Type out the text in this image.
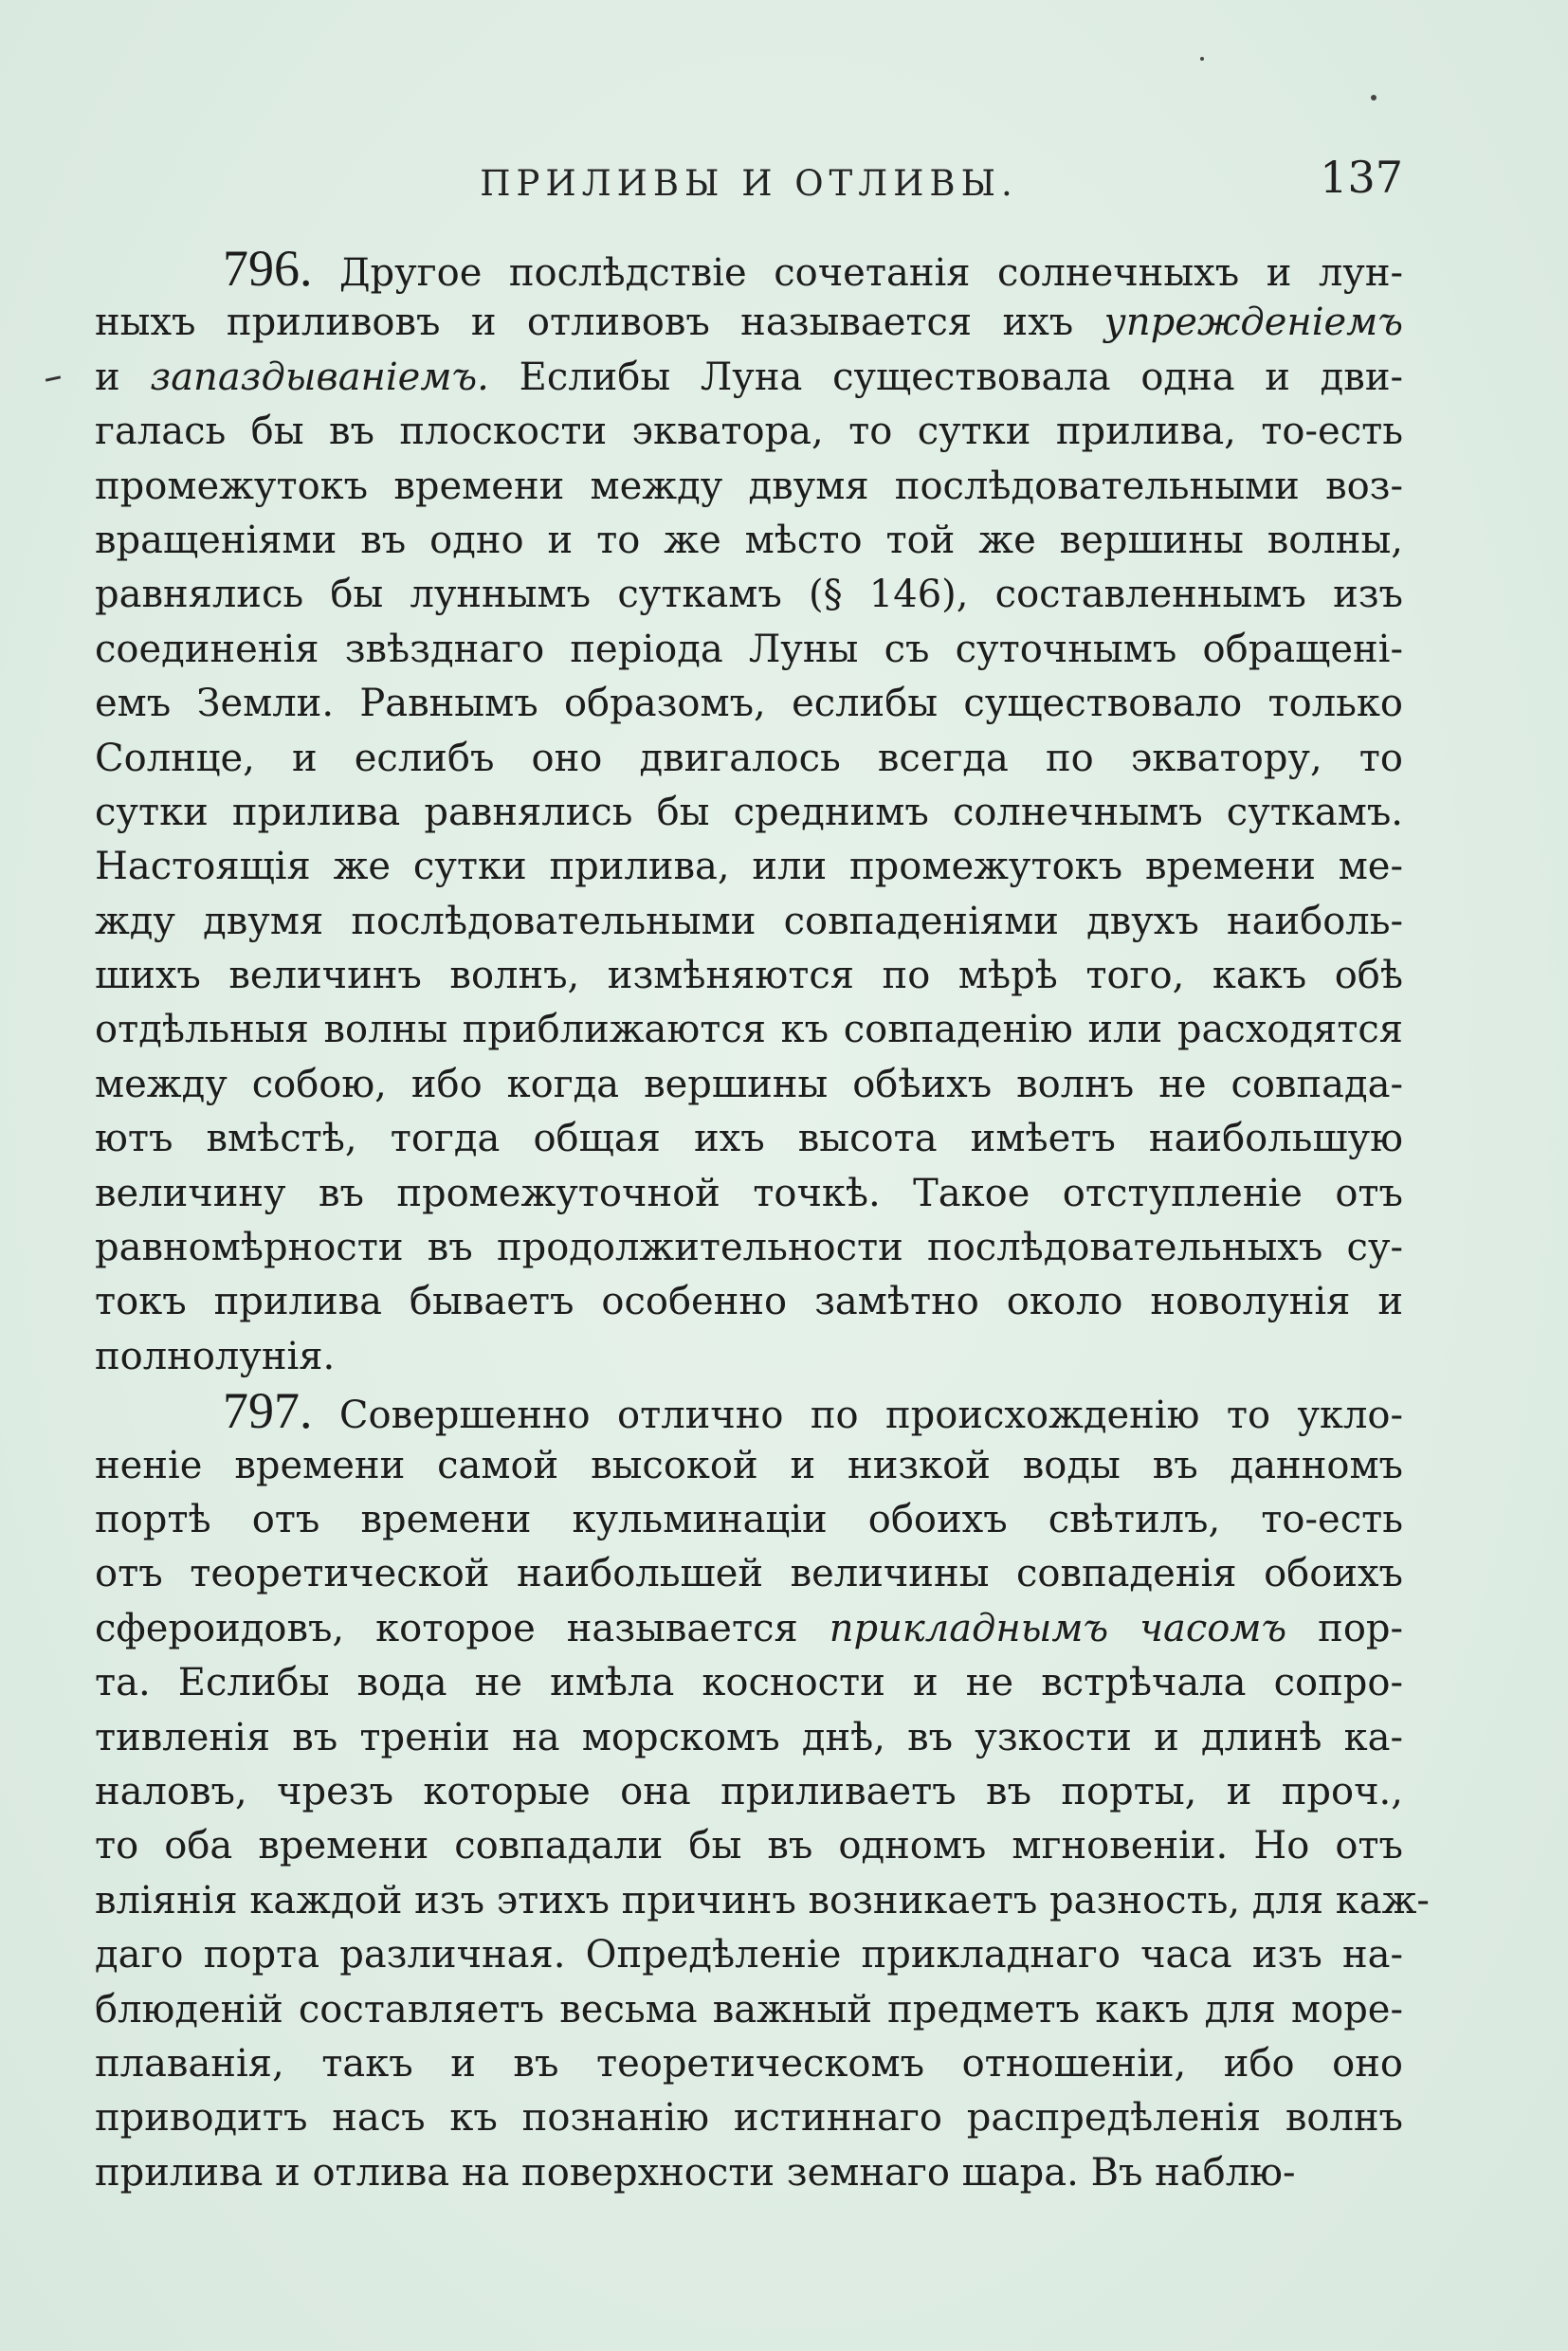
ПРИЛИВЫ И ОТЛИВЫ.	137
796. Другое послѣдствіе сочетанія солнечныхъ и лун-
ныхъ приливовъ и отливовъ называется ихъ упрежденіемъ
и запаздываніемъ. Еслибы Луна существовала одна и дви-
галась бы въ плоскости экватора, то сутки прилива, то-есть
промежутокъ времени между двумя послѣдовательными воз-
вращеніями въ одно и то же мѣсто той же вершины волны,
равнялись бы луннымъ суткамъ (§ 146), составленнымъ изъ
соединенія звѣзднаго періода Луны съ суточнымъ обращені-
емъ Земли. Равнымъ образомъ, еслибы существовало только
Солнце, и еслибъ оно двигалось всегда по экватору, то
сутки прилива равнялись бы среднимъ солнечнымъ суткамъ.
Настоящія же сутки прилива, или промежутокъ времени ме-
жду двумя послѣдовательными совпаденіями двухъ наиболь-
шихъ величинъ волнъ, измѣняются по мѣрѣ того, какъ обѣ
отдѣльныя волны приближаются къ совпаденію или расходятся
между собою, ибо когда вершины обѣихъ волнъ не совпада-
ютъ вмѣстѣ, тогда общая ихъ высота имѣетъ наибольшую
величину въ промежуточной точкѣ. Такое отступленіе отъ
равномѣрности въ продолжительности послѣдовательныхъ су-
токъ прилива бываетъ особенно замѣтно около новолунія и
полнолунія.
797. Совершенно отлично по происхожденію то укло-
неніе времени самой высокой и низкой воды въ данномъ
портѣ отъ времени кульминаціи обоихъ свѣтилъ, то-есть
отъ теоретической наибольшей величины совпаденія обоихъ
сфероидовъ, которое называется прикладнымъ часомъ пор-
та. Еслибы вода не имѣла косности и не встрѣчала сопро-
тивленія въ треніи на морскомъ днѣ, въ узкости и длинѣ ка-
наловъ, чрезъ которые она приливаетъ въ порты, и проч.,
то оба времени совпадали бы въ одномъ мгновеніи. Но отъ
вліянія каждой изъ этихъ причинъ возникаетъ разность, для каж-
даго порта различная. Опредѣленіе прикладнаго часа изъ на-
блюденій составляетъ весьма важный предметъ какъ для море-
плаванія, такъ и въ теоретическомъ отношеніи, ибо оно
приводитъ насъ къ познанію истиннаго распредѣленія волнъ
прилива и отлива на поверхности земнаго шара. Въ наблю-
